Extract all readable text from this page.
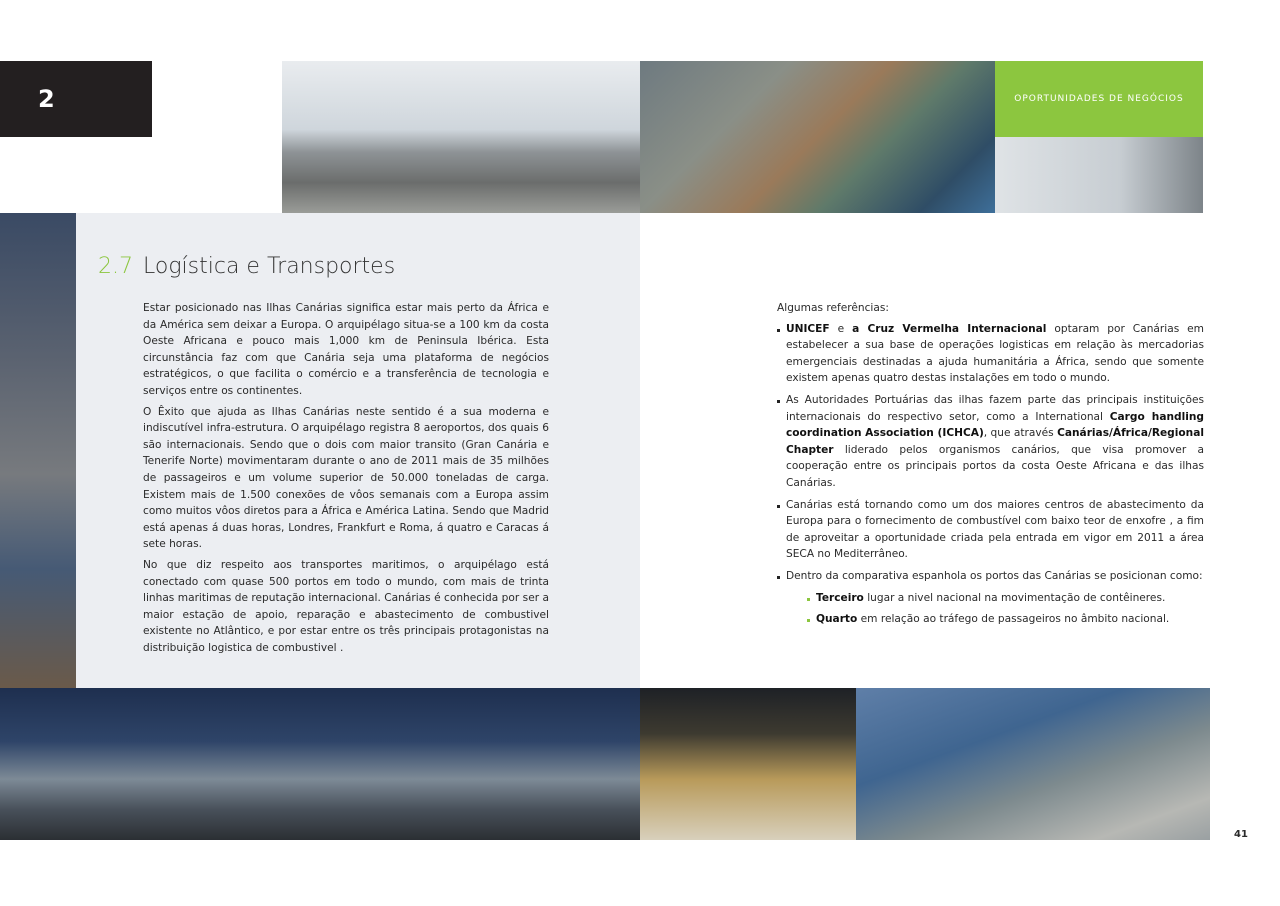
2	OPORTUNIDADES DE NEGÓCIOS
2.7 Logística e Transportes

Estar posicionado nas Ilhas Canárias significa estar mais perto da África e da América sem deixar a Europa. O arquipélago situa-se a 100 km da costa Oeste Africana e pouco mais 1,000 km de Peninsula Ibérica. Esta circunstância faz com que Canária seja uma plataforma de negócios estratégicos, o que facilita o comércio e a transferência de tecnologia e serviços entre os continentes.

O Êxito que ajuda as Ilhas Canárias neste sentido é a sua moderna e indiscutível infra-estrutura. O arquipélago registra 8 aeroportos, dos quais 6 são internacionais. Sendo que o dois com maior transito (Gran Canária e Tenerife Norte) movimentaram durante o ano de 2011 mais de 35 milhões de passageiros e um volume superior de 50.000 toneladas de carga. Existem mais de 1.500 conexões de vôos semanais com a Europa assim como muitos vôos diretos para a África e América Latina. Sendo que Madrid está apenas á duas horas, Londres, Frankfurt e Roma, á quatro e Caracas á sete horas.

No que diz respeito aos transportes maritimos, o arquipélago está conectado com quase 500 portos em todo o mundo, com mais de trinta linhas maritimas de reputação internacional. Canárias é conhecida por ser a maior estação de apoio, reparação e abastecimento de combustivel existente no Atlântico, e por estar entre os três principais protagonistas na distribuição logistica de combustivel .

Algumas referências:

UNICEF e a Cruz Vermelha Internacional optaram por Canárias em estabelecer a sua base de operações logisticas em relação às mercadorias emergenciais destinadas a ajuda humanitária a África, sendo que somente existem apenas quatro destas instalações em todo o mundo.
As Autoridades Portuárias das ilhas fazem parte das principais instituições internacionais do respectivo setor, como a International Cargo handling coordination Association (ICHCA), que através Canárias/África/Regional Chapter liderado pelos organismos canários, que visa promover a cooperação entre os principais portos da costa Oeste Africana e das ilhas Canárias.
Canárias está tornando como um dos maiores centros de abastecimento da Europa para o fornecimento de combustível com baixo teor de enxofre , a fim de aproveitar a oportunidade criada pela entrada em vigor em 2011 a área SECA no Mediterrâneo.
Dentro da comparativa espanhola os portos das Canárias se posicionan como:
Terceiro lugar a nivel nacional na movimentação de contêineres.
Quarto em relação ao tráfego de passageiros no âmbito nacional.
41
